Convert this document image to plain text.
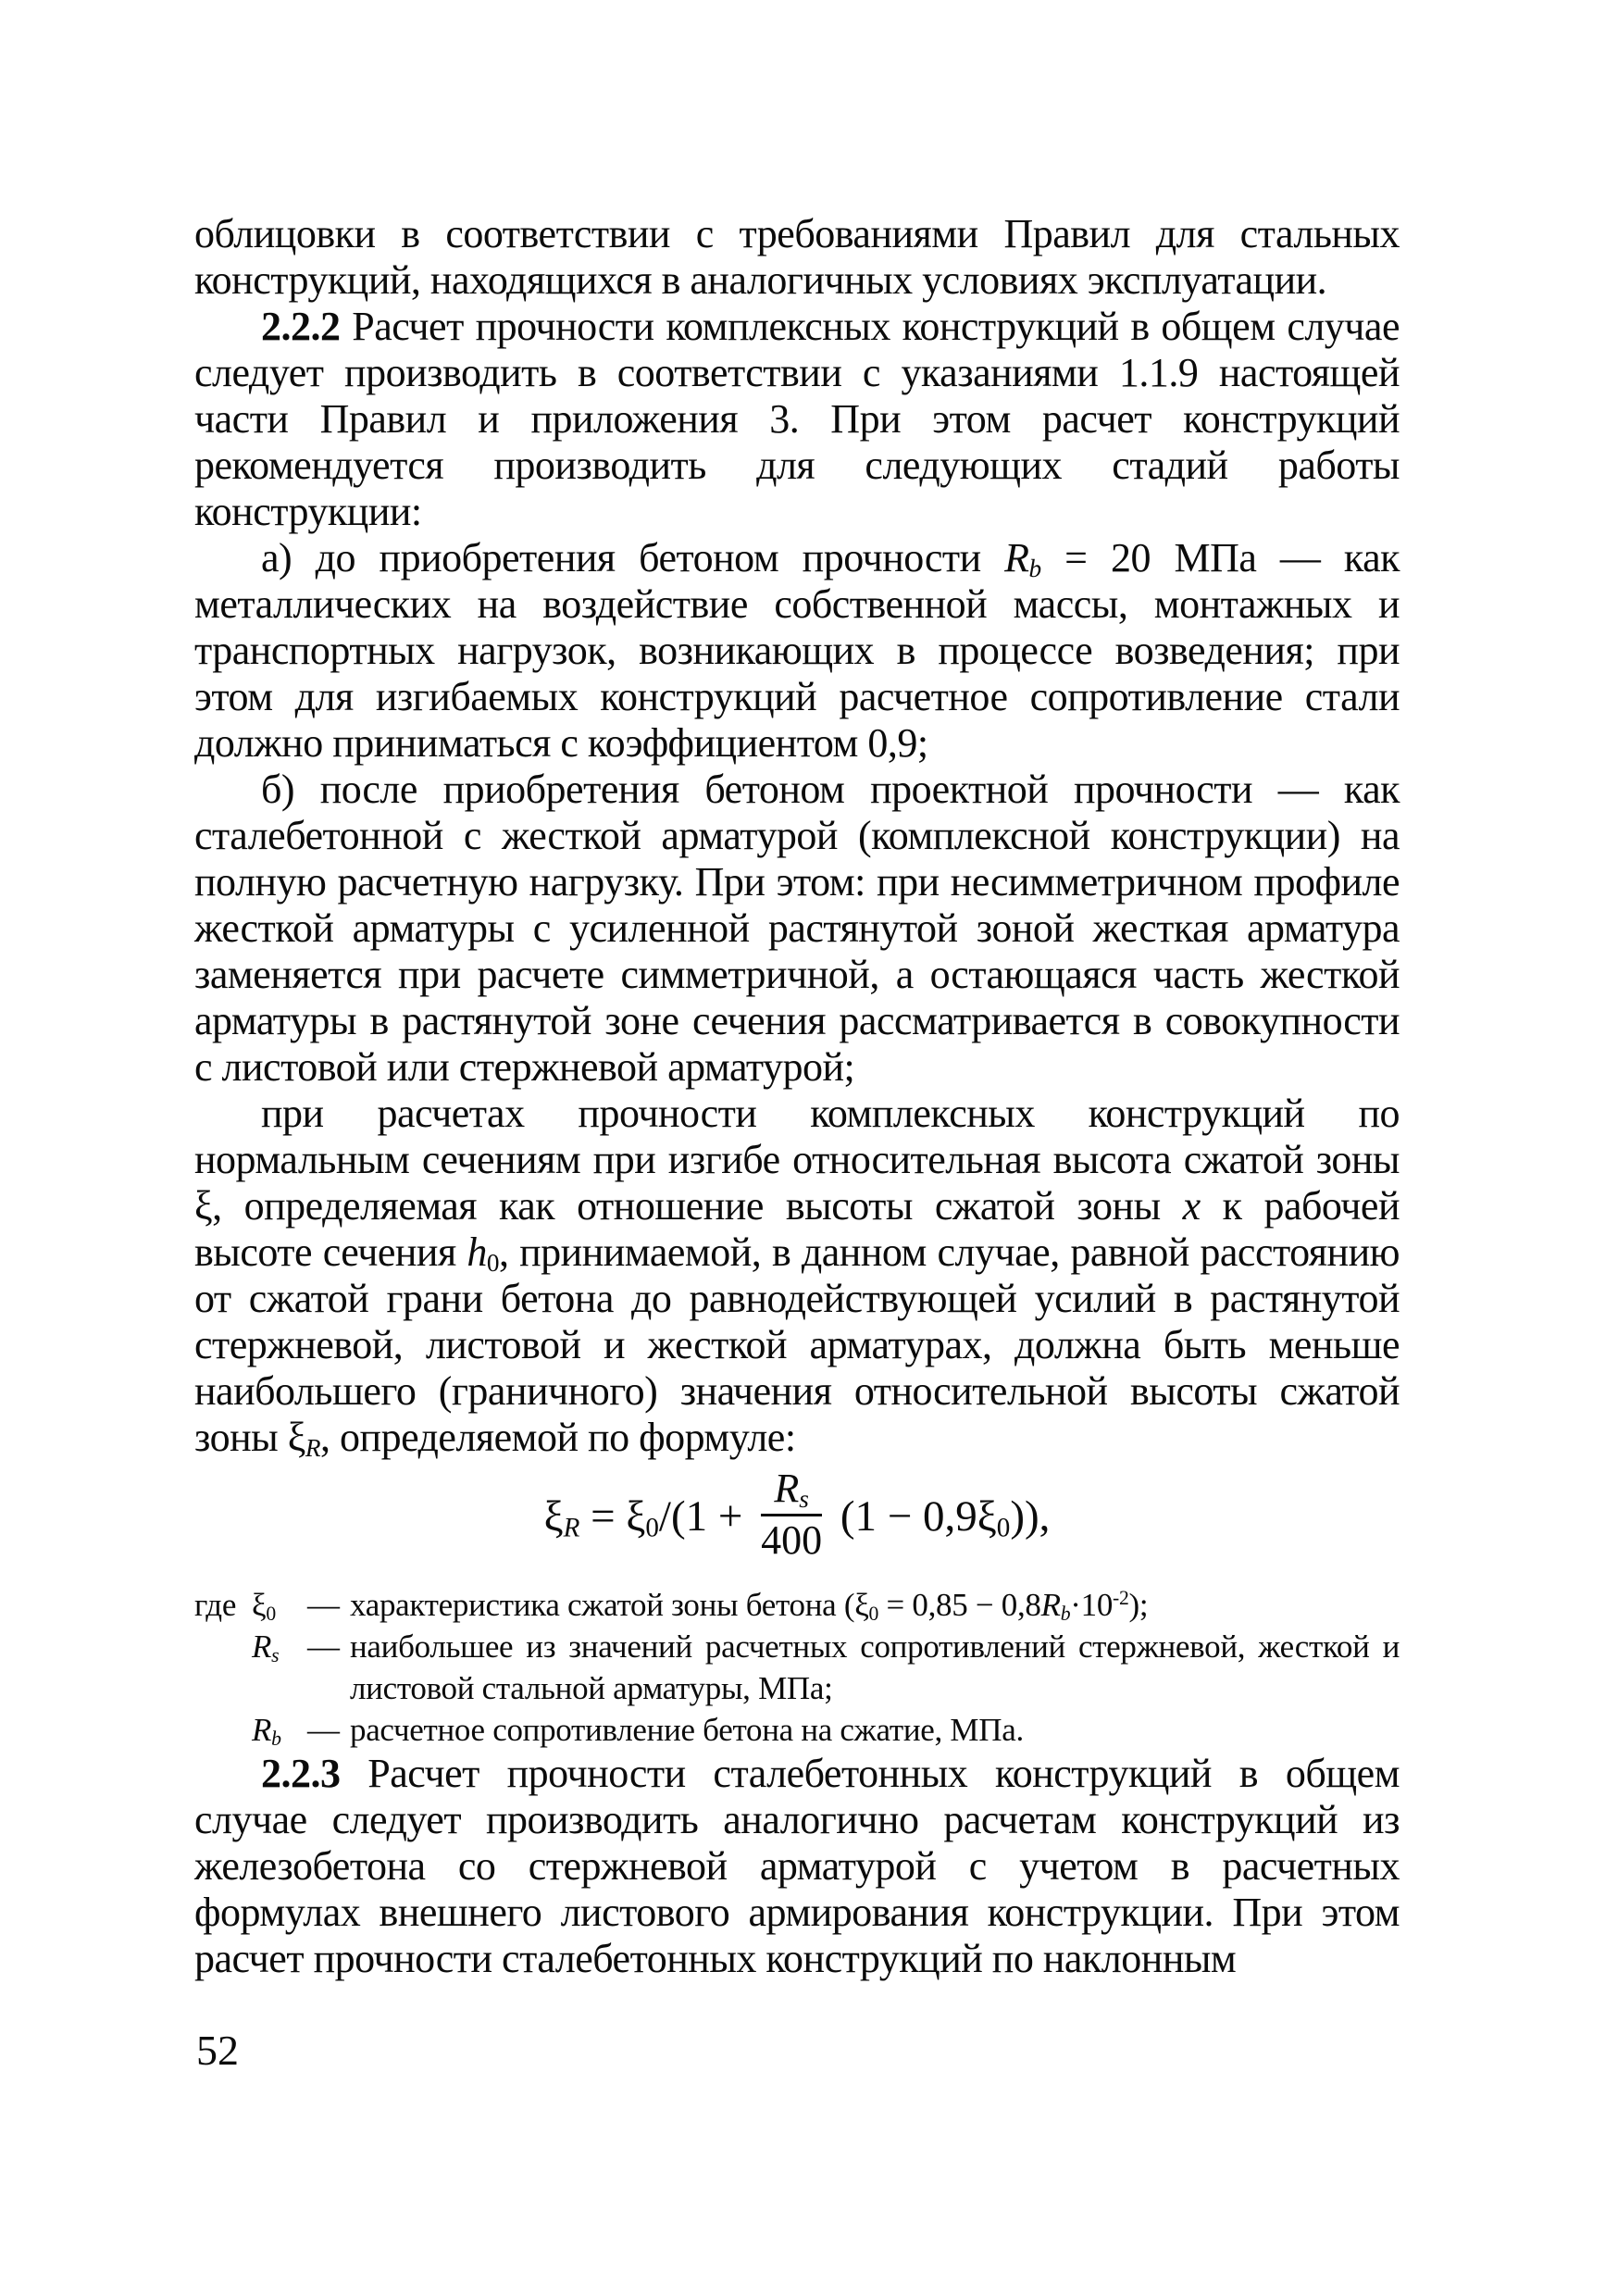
облицовки в соответствии с требованиями Правил для стальных конструкций, находящихся в аналогичных условиях эксплуатации.

2.2.2 Расчет прочности комплексных конструкций в общем случае следует производить в соответствии с указаниями 1.1.9 настоящей части Правил и приложения 3. При этом расчет конструкций рекомендуется производить для следующих стадий работы конструкции:

а) до приобретения бетоном прочности $R_b = 20$ МПа — как металлических на воздействие собственной массы, монтажных и транспортных нагрузок, возникающих в процессе возведения; при этом для изгибаемых конструкций расчетное сопротивление стали должно приниматься с коэффициентом 0,9;

б) после приобретения бетоном проектной прочности — как сталебетонной с жесткой арматурой (комплексной конструкции) на полную расчетную нагрузку. При этом: при несимметричном профиле жесткой арматуры с усиленной растянутой зоной жесткая арматура заменяется при расчете симметричной, а остающаяся часть жесткой арматуры в растянутой зоне сечения рассматривается в совокупности с листовой или стержневой арматурой;

при расчетах прочности комплексных конструкций по нормальным сечениям при изгибе относительная высота сжатой зоны ξ, определяемая как отношение высоты сжатой зоны x к рабочей высоте сечения $h_0$, принимаемой, в данном случае, равной расстоянию от сжатой грани бетона до равнодействующей усилий в растянутой стержневой, листовой и жесткой арматурах, должна быть меньше наибольшего (граничного) значения относительной высоты сжатой зоны $\xi_R$, определяемой по формуле:

$\xi_R = \xi_0/(1 + \frac{R_s}{400} (1 - 0,9\xi_0))$,
где $\xi_0$ — характеристика сжатой зоны бетона $(\xi_0 = 0,85 - 0,8R_b\cdot 10^{-2})$;
$R_s$ — наибольшее из значений расчетных сопротивлений стержневой, жесткой и листовой стальной арматуры, МПа;
$R_b$ — расчетное сопротивление бетона на сжатие, МПа.

2.2.3 Расчет прочности сталебетонных конструкций в общем случае следует производить аналогично расчетам конструкций из железобетона со стержневой арматурой с учетом в расчетных формулах внешнего листового армирования конструкции. При этом расчет прочности сталебетонных конструкций по наклонным

52
